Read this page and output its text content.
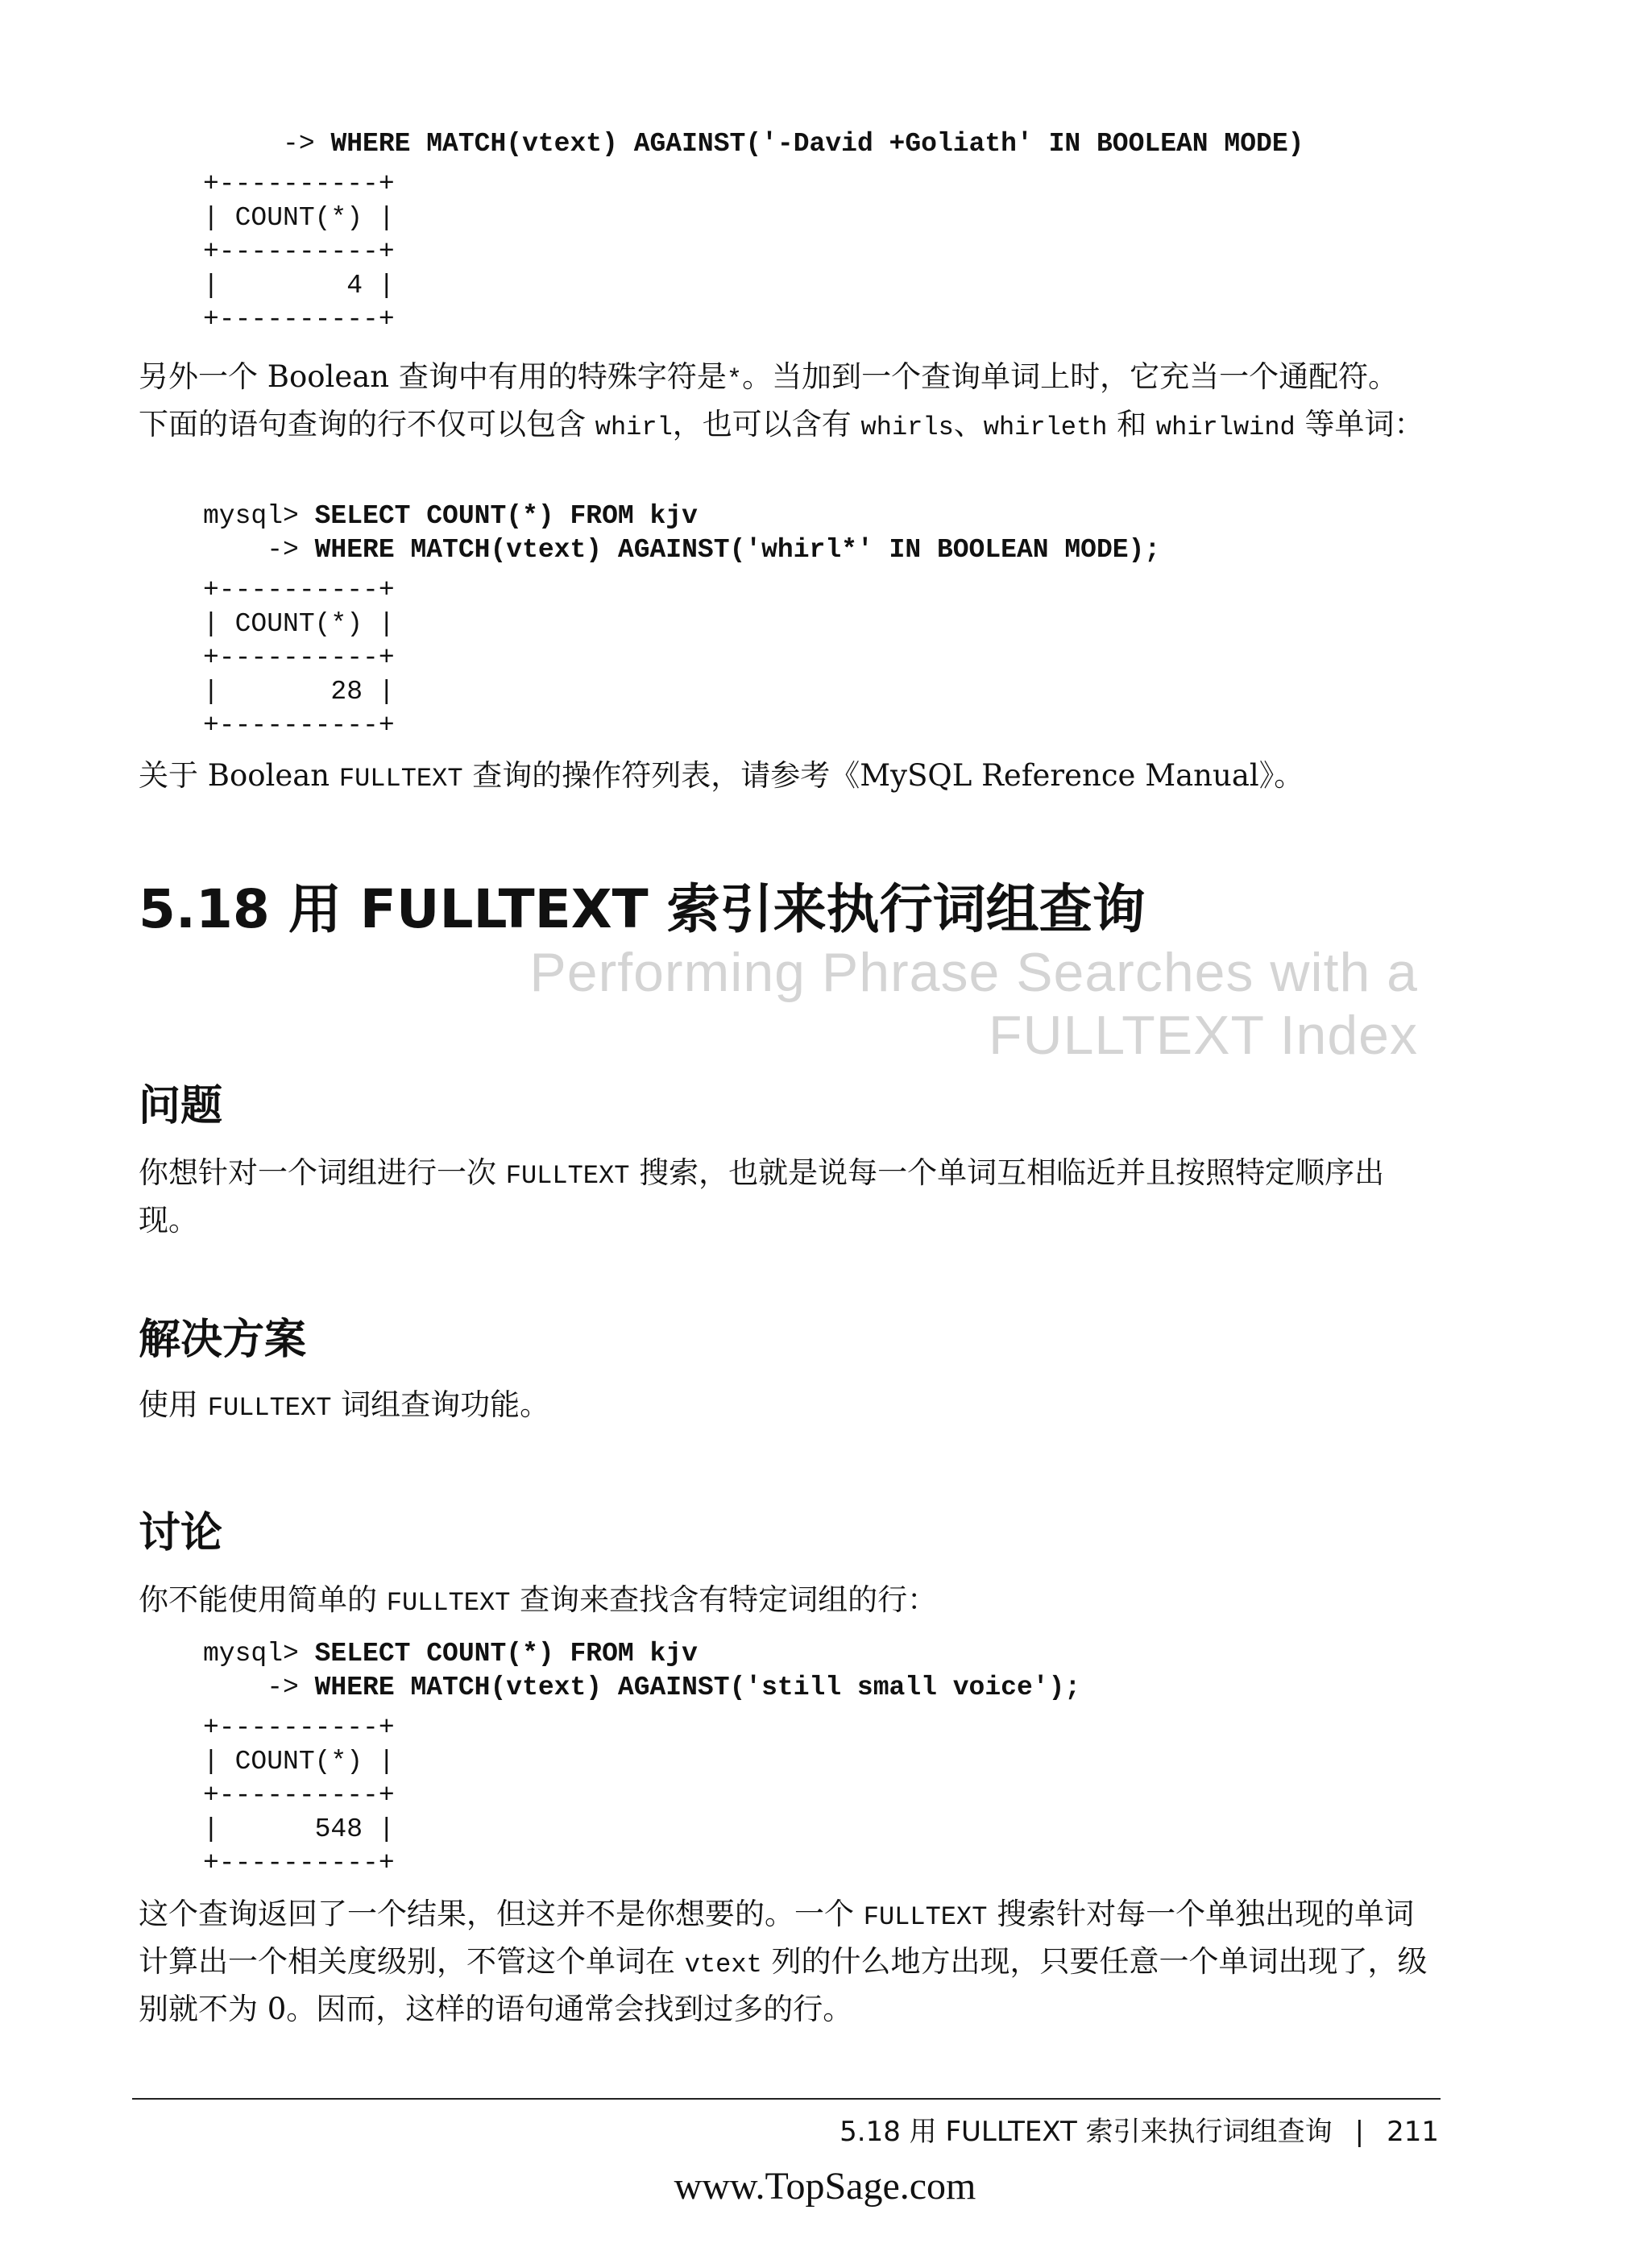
-> WHERE MATCH(vtext) AGAINST('-David +Goliath' IN BOOLEAN MODE)
+----------+
| COUNT(*) |
+----------+
|        4 |
+----------+

另外一个 Boolean 查询中有用的特殊字符是*。当加到一个查询单词上时，它充当一个通配符。下面的语句查询的行不仅可以包含 whirl，也可以含有 whirls、whirleth 和 whirlwind 等单词：

mysql> SELECT COUNT(*) FROM kjv
-> WHERE MATCH(vtext) AGAINST('whirl*' IN BOOLEAN MODE);
+----------+
| COUNT(*) |
+----------+
|       28 |
+----------+

关于 Boolean FULLTEXT 查询的操作符列表，请参考《MySQL Reference Manual》。

5.18 用 FULLTEXT 索引来执行词组查询

Performing Phrase Searches with a FULLTEXT Index

问题

你想针对一个词组进行一次 FULLTEXT 搜索，也就是说每一个单词互相临近并且按照特定顺序出现。

解决方案

使用 FULLTEXT 词组查询功能。

讨论

你不能使用简单的 FULLTEXT 查询来查找含有特定词组的行：

mysql> SELECT COUNT(*) FROM kjv
-> WHERE MATCH(vtext) AGAINST('still small voice');
+----------+
| COUNT(*) |
+----------+
|      548 |
+----------+

这个查询返回了一个结果，但这并不是你想要的。一个 FULLTEXT 搜索针对每一个单独出现的单词计算出一个相关度级别，不管这个单词在 vtext 列的什么地方出现，只要任意一个单词出现了，级别就不为 0。因而，这样的语句通常会找到过多的行。

5.18 用 FULLTEXT 索引来执行词组查询 | 211

www.TopSage.com
